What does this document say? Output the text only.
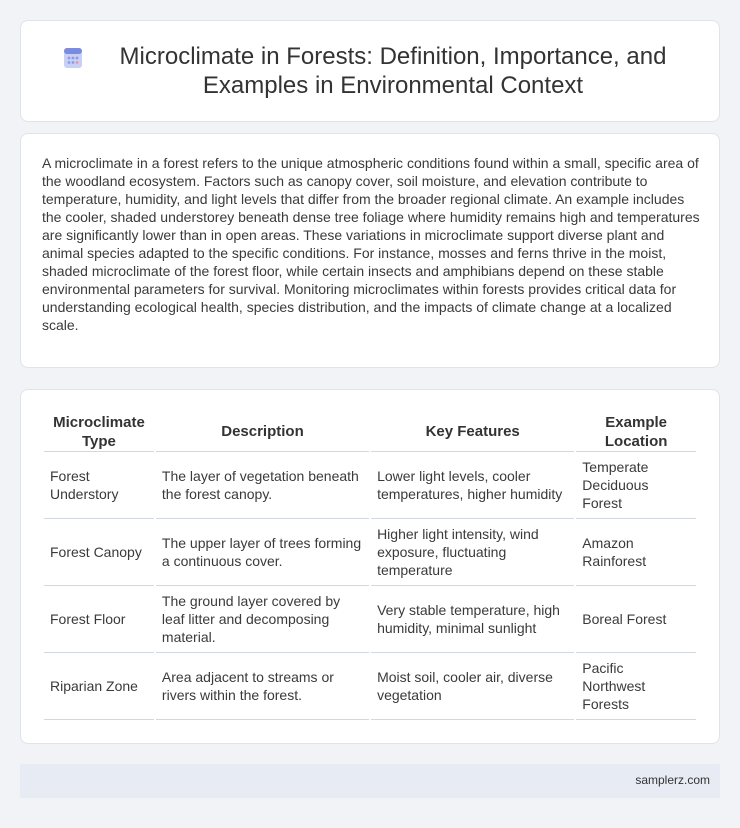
Microclimate in Forests: Definition, Importance, and Examples in Environmental Context

A microclimate in a forest refers to the unique atmospheric conditions found within a small, specific area of the woodland ecosystem. Factors such as canopy cover, soil moisture, and elevation contribute to temperature, humidity, and light levels that differ from the broader regional climate. An example includes the cooler, shaded understorey beneath dense tree foliage where humidity remains high and temperatures are significantly lower than in open areas. These variations in microclimate support diverse plant and animal species adapted to the specific conditions. For instance, mosses and ferns thrive in the moist, shaded microclimate of the forest floor, while certain insects and amphibians depend on these stable environmental parameters for survival. Monitoring microclimates within forests provides critical data for understanding ecological health, species distribution, and the impacts of climate change at a localized scale.

Microclimate Type	Description	Key Features	Example Location
Forest Understory	The layer of vegetation beneath the forest canopy.	Lower light levels, cooler temperatures, higher humidity	Temperate Deciduous Forest
Forest Canopy	The upper layer of trees forming a continuous cover.	Higher light intensity, wind exposure, fluctuating temperature	Amazon Rainforest
Forest Floor	The ground layer covered by leaf litter and decomposing material.	Very stable temperature, high humidity, minimal sunlight	Boreal Forest
Riparian Zone	Area adjacent to streams or rivers within the forest.	Moist soil, cooler air, diverse vegetation	Pacific Northwest Forests
samplerz.com
